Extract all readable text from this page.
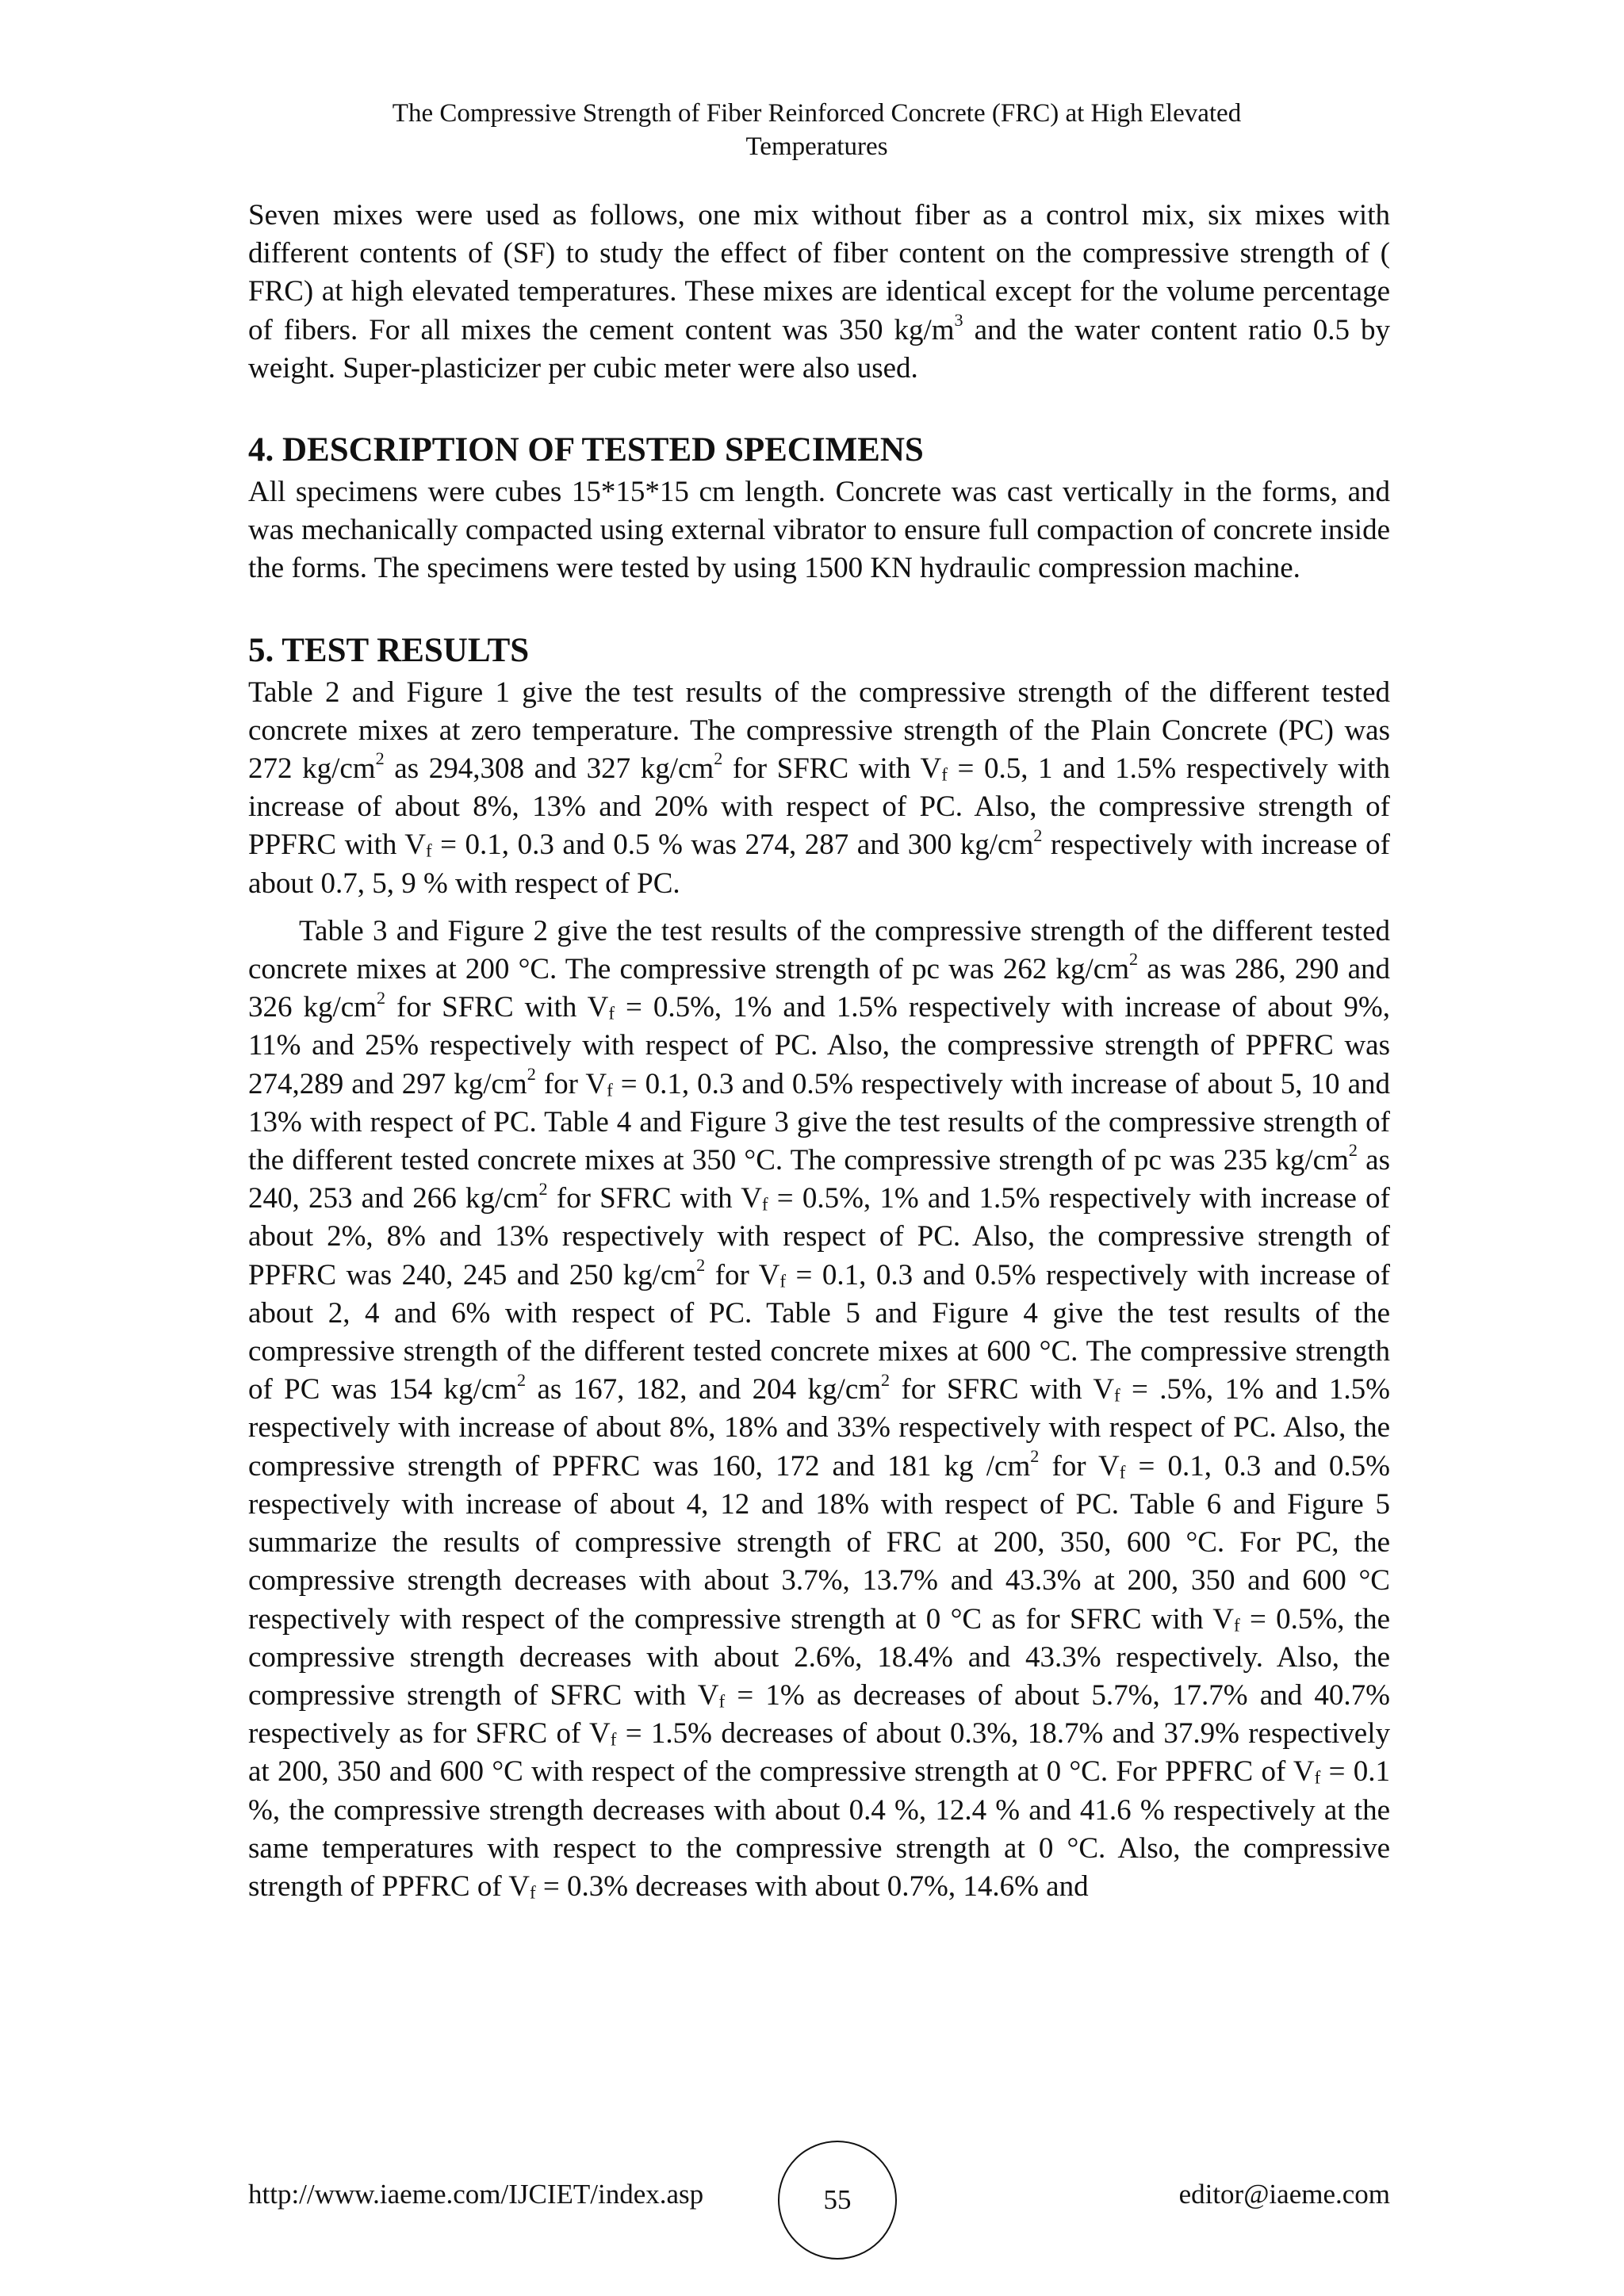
The Compressive Strength of Fiber Reinforced Concrete (FRC) at High Elevated
Temperatures

Seven mixes were used as follows, one mix without fiber as a control mix, six mixes with different contents of (SF) to study the effect of fiber content on the compressive strength of ( FRC) at high elevated temperatures. These mixes are identical except for the volume percentage of fibers. For all mixes the cement content was 350 $kg/m^3$ and the water content ratio 0.5 by weight. Super-plasticizer per cubic meter were also used.

4. DESCRIPTION OF TESTED SPECIMENS

All specimens were cubes 15*15*15 cm length. Concrete was cast vertically in the forms, and was mechanically compacted using external vibrator to ensure full compaction of concrete inside the forms. The specimens were tested by using 1500 KN hydraulic compression machine.

5. TEST RESULTS

Table 2 and Figure 1 give the test results of the compressive strength of the different tested concrete mixes at zero temperature. The compressive strength of the Plain Concrete (PC) was 272 $kg/cm^2$ as 294,308 and 327 $kg/cm^2$ for SFRC with $V_f = 0.5$, 1 and 1.5% respectively with increase of about 8%, 13% and 20% with respect of PC. Also, the compressive strength of PPFRC with $V_f = 0.1$, 0.3 and 0.5 % was 274, 287 and 300 $kg/cm^2$ respectively with increase of about 0.7, 5, 9 % with respect of PC.

Table 3 and Figure 2 give the test results of the compressive strength of the different tested concrete mixes at 200 °C. The compressive strength of pc was 262 $kg/cm^2$ as was 286, 290 and 326 $kg/cm^2$ for SFRC with $V_f = 0.5\%$, 1% and 1.5% respectively with increase of about 9%, 11% and 25% respectively with respect of PC. Also, the compressive strength of PPFRC was 274,289 and 297 $kg/cm^2$ for $V_f = 0.1$, 0.3 and 0.5% respectively with increase of about 5, 10 and 13% with respect of PC. Table 4 and Figure 3 give the test results of the compressive strength of the different tested concrete mixes at 350 °C. The compressive strength of pc was 235 $kg/cm^2$ as 240, 253 and 266 $kg/cm^2$ for SFRC with $V_f = 0.5\%$, 1% and 1.5% respectively with increase of about 2%, 8% and 13% respectively with respect of PC. Also, the compressive strength of PPFRC was 240, 245 and 250 $kg/cm^2$ for $V_f = 0.1$, 0.3 and 0.5% respectively with increase of about 2, 4 and 6% with respect of PC. Table 5 and Figure 4 give the test results of the compressive strength of the different tested concrete mixes at 600 °C. The compressive strength of PC was 154 $kg/cm^2$ as 167, 182, and 204 $kg/cm^2$ for SFRC with $V_f = .5\%$, 1% and 1.5% respectively with increase of about 8%, 18% and 33% respectively with respect of PC. Also, the compressive strength of PPFRC was 160, 172 and 181 kg $/cm^2$ for $V_f = 0.1$, 0.3 and 0.5% respectively with increase of about 4, 12 and 18% with respect of PC. Table 6 and Figure 5 summarize the results of compressive strength of FRC at 200, 350, 600 °C. For PC, the compressive strength decreases with about 3.7%, 13.7% and 43.3% at 200, 350 and 600 °C respectively with respect of the compressive strength at 0 °C as for SFRC with $V_f = 0.5\%$, the compressive strength decreases with about 2.6%, 18.4% and 43.3% respectively. Also, the compressive strength of SFRC with $V_f = 1\%$ as decreases of about 5.7%, 17.7% and 40.7% respectively as for SFRC of $V_f = 1.5\%$ decreases of about 0.3%, 18.7% and 37.9% respectively at 200, 350 and 600 °C with respect of the compressive strength at 0 °C. For PPFRC of $V_f = 0.1$ %, the compressive strength decreases with about 0.4 %, 12.4 % and 41.6 % respectively at the same temperatures with respect to the compressive strength at 0 °C. Also, the compressive strength of PPFRC of $V_f = 0.3\%$ decreases with about 0.7%, 14.6% and

http://www.iaeme.com/IJCIET/index.asp	55	editor@iaeme.com
